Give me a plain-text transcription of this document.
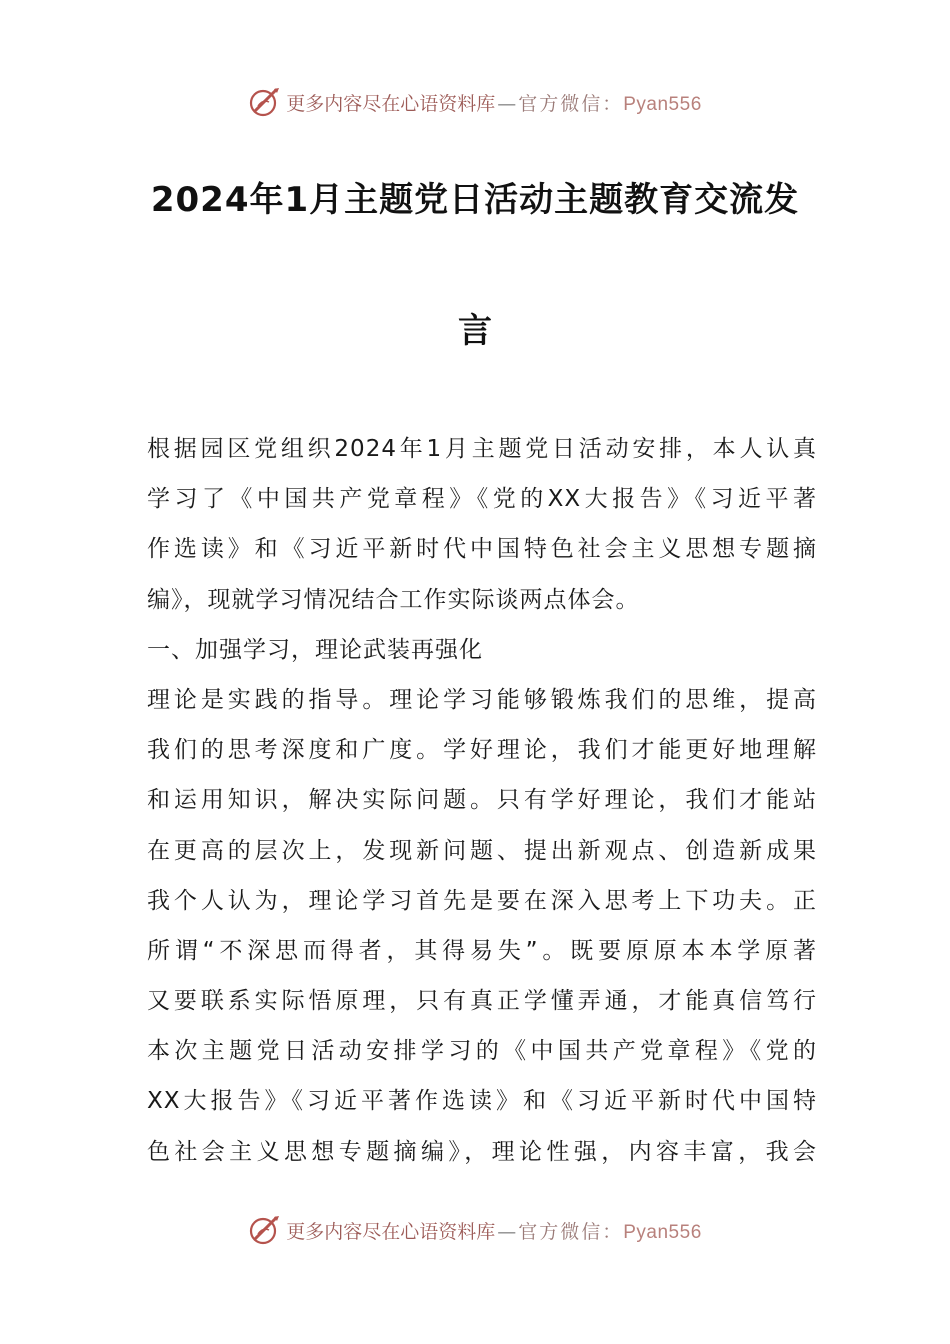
更多内容尽在心语资料库 — 官方微信：Pyan556
2024年1月主题党日活动主题教育交流发
言
根据园区党组织2024年1月主题党日活动安排，本人认真
学习了《中国共产党章程》《党的XX大报告》《习近平著
作选读》和《习近平新时代中国特色社会主义思想专题摘
编》，现就学习情况结合工作实际谈两点体会。
一、加强学习，理论武装再强化
理论是实践的指导。理论学习能够锻炼我们的思维，提高
我们的思考深度和广度。学好理论，我们才能更好地理解
和运用知识，解决实际问题。只有学好理论，我们才能站
在更高的层次上，发现新问题、提出新观点、创造新成果
我个人认为，理论学习首先是要在深入思考上下功夫。正
所谓“不深思而得者，其得易失”。既要原原本本学原著
又要联系实际悟原理，只有真正学懂弄通，才能真信笃行
本次主题党日活动安排学习的《中国共产党章程》《党的
XX大报告》《习近平著作选读》和《习近平新时代中国特
色社会主义思想专题摘编》，理论性强，内容丰富，我会
更多内容尽在心语资料库 — 官方微信：Pyan556
